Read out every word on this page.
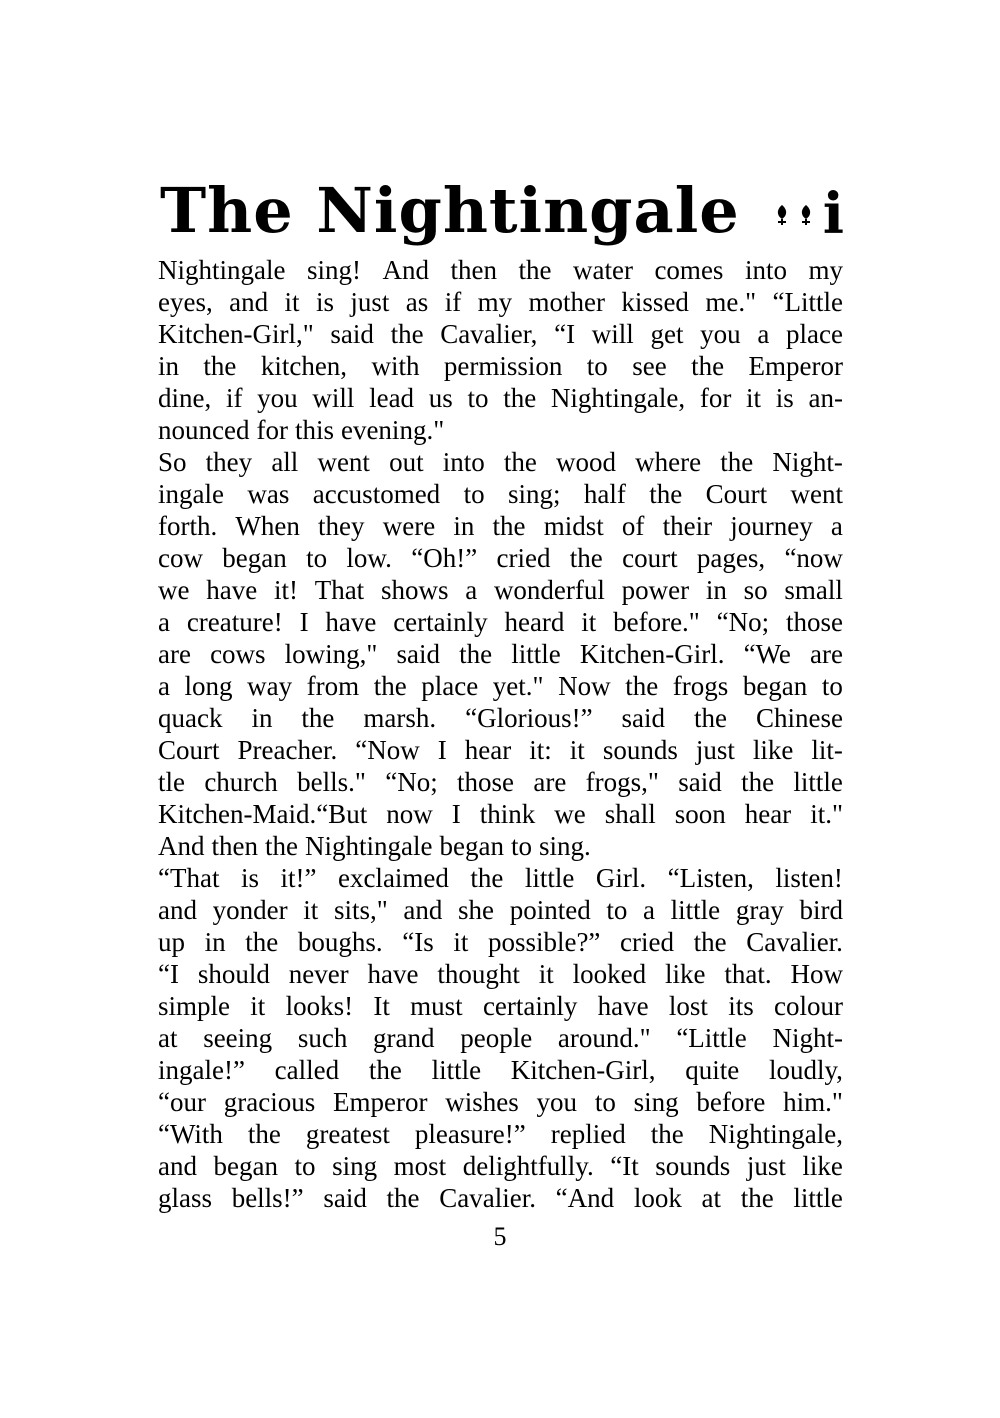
The Nightingale i
Nightingale sing! And then the water comes into my
eyes, and it is just as if my mother kissed me." “Little
Kitchen-Girl," said the Cavalier, “I will get you a place
in the kitchen, with permission to see the Emperor
dine, if you will lead us to the Nightingale, for it is an-
nounced for this evening."
So they all went out into the wood where the Night-
ingale was accustomed to sing; half the Court went
forth. When they were in the midst of their journey a
cow began to low. “Oh!” cried the court pages, “now
we have it! That shows a wonderful power in so small
a creature! I have certainly heard it before." “No; those
are cows lowing," said the little Kitchen-Girl. “We are
a long way from the place yet." Now the frogs began to
quack in the marsh. “Glorious!” said the Chinese
Court Preacher. “Now I hear it: it sounds just like lit-
tle church bells." “No; those are frogs," said the little
Kitchen-Maid.“But now I think we shall soon hear it."
And then the Nightingale began to sing.
“That is it!” exclaimed the little Girl. “Listen, listen!
and yonder it sits," and she pointed to a little gray bird
up in the boughs. “Is it possible?” cried the Cavalier.
“I should never have thought it looked like that. How
simple it looks! It must certainly have lost its colour
at seeing such grand people around." “Little Night-
ingale!” called the little Kitchen-Girl, quite loudly,
“our gracious Emperor wishes you to sing before him."
“With the greatest pleasure!” replied the Nightingale,
and began to sing most delightfully. “It sounds just like
glass bells!” said the Cavalier. “And look at the little
5
